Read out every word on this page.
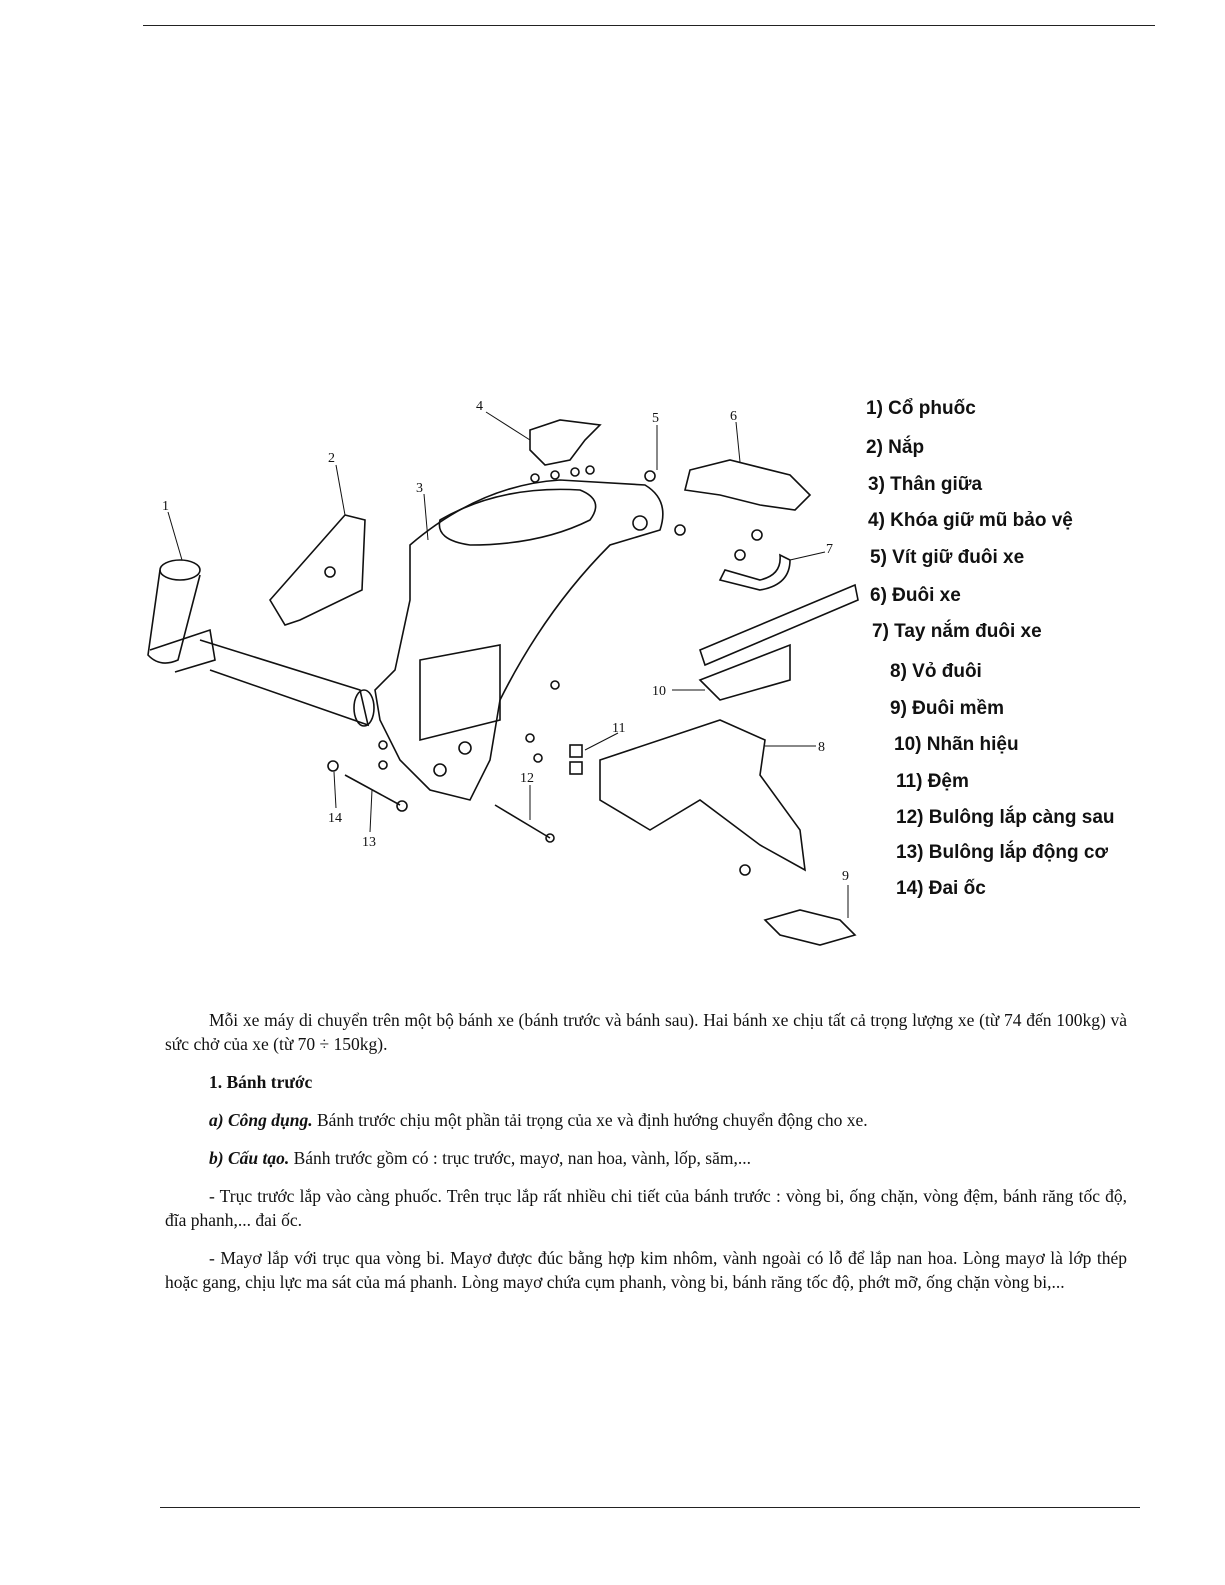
1
2
3
4
5	6
7
8
9
10
11
12
13
14
1) Cổ phuốc
2) Nắp
3) Thân giữa
4) Khóa giữ mũ bảo vệ
5) Vít giữ đuôi xe
6) Đuôi xe
7) Tay nắm đuôi xe
8) Vỏ đuôi
9) Đuôi mềm
10) Nhãn hiệu
11) Đệm
12) Bulông lắp càng sau
13) Bulông lắp động cơ
14) Đai ốc

Mỗi xe máy di chuyển trên một bộ bánh xe (bánh trước và bánh sau). Hai bánh xe chịu tất cả trọng lượng xe (từ 74 đến 100kg) và sức chở của xe (từ 70 ÷ 150kg).

1. Bánh trước

a) Công dụng. Bánh trước chịu một phần tải trọng của xe và định hướng chuyển động cho xe.

b) Cấu tạo. Bánh trước gồm có : trục trước, mayơ, nan hoa, vành, lốp, săm,...

- Trục trước lắp vào càng phuốc. Trên trục lắp rất nhiều chi tiết của bánh trước : vòng bi, ống chặn, vòng đệm, bánh răng tốc độ, đĩa phanh,... đai ốc.

- Mayơ lắp với trục qua vòng bi. Mayơ được đúc bằng hợp kim nhôm, vành ngoài có lỗ để lắp nan hoa. Lòng mayơ là lớp thép hoặc gang, chịu lực ma sát của má phanh. Lòng mayơ chứa cụm phanh, vòng bi, bánh răng tốc độ, phớt mỡ, ống chặn vòng bi,...
